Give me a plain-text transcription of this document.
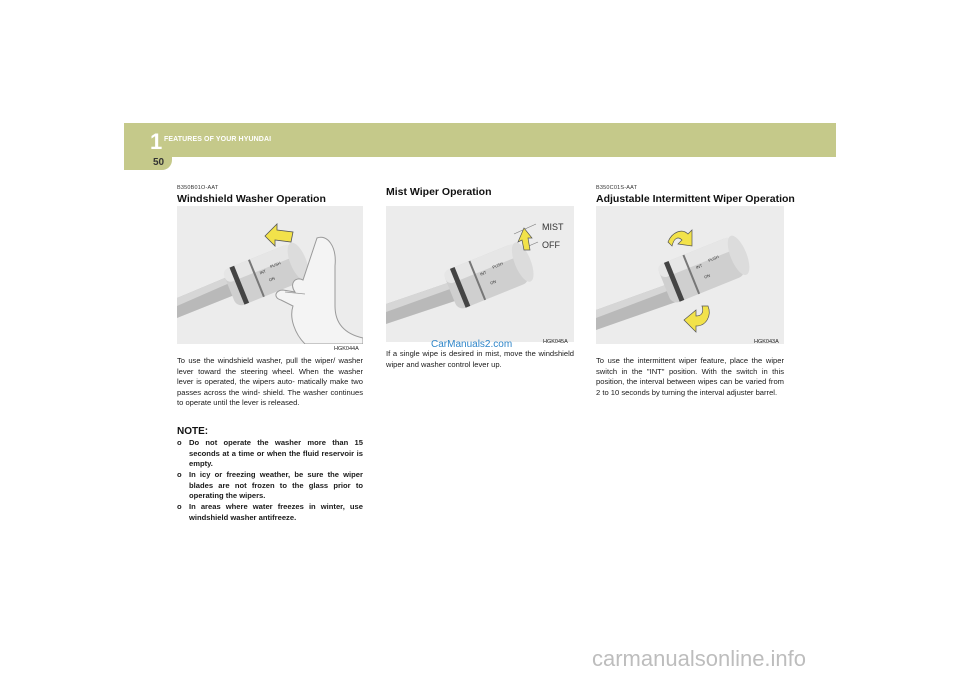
1 FEATURES OF YOUR HYUNDAI
50
B350B01O-AAT
Windshield Washer Operation
INT
PUSH
ON
HGK044A
To use the windshield washer, pull the wiper/ washer lever toward the steering wheel. When the washer lever is operated, the wipers auto- matically make two passes across the wind- shield. The washer continues to operate until the lever is released.
NOTE:
o Do not operate the washer more than 15 seconds at a time or when the fluid reservoir is empty.
o In icy or freezing weather, be sure the wiper blades are not frozen to the glass prior to operating the wipers.
o In areas where water freezes in winter, use windshield washer antifreeze.
Mist Wiper Operation
INT
PUSH
ON
MIST
OFF
HGK045A
CarManuals2.com
If a single wipe is desired in mist, move the windshield wiper and washer control lever up.
B350C01S-AAT
Adjustable Intermittent Wiper Operation
INT
PUSH
ON
HGK043A
To use the intermittent wiper feature, place the wiper switch in the "INT" position. With the switch in this position, the interval between wipes can be varied from 2 to 10 seconds by turning the interval adjuster barrel.
carmanualsonline.info
